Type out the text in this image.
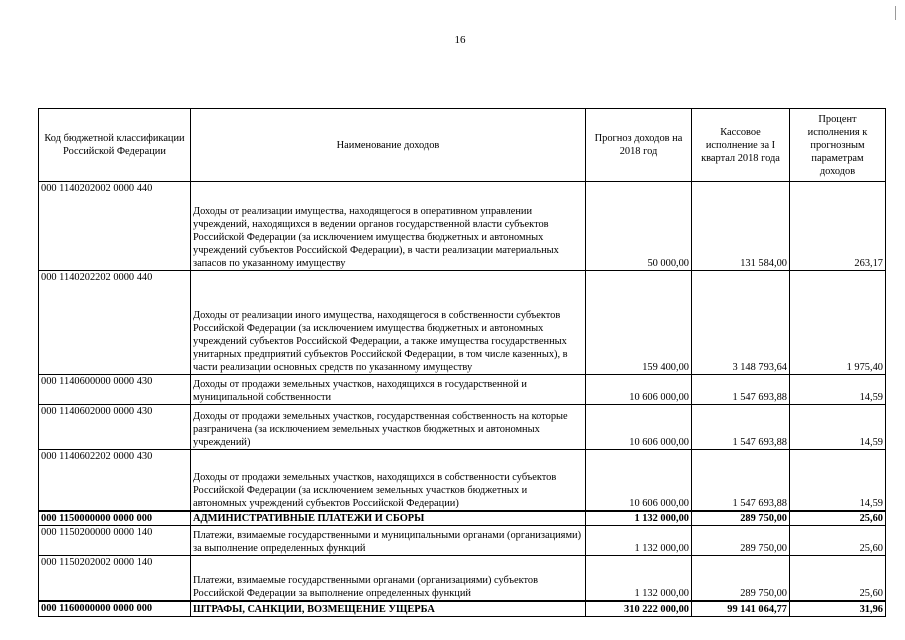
16
Код бюджетной классификации Российской Федерации	Наименование доходов	Прогноз доходов на 2018 год	Кассовое исполнение за I квартал 2018 года	Процент исполнения к прогнозным параметрам доходов
000 1140202002 0000 440	Доходы от реализации имущества, находящегося в оперативном управлении учреждений, находящихся в ведении органов государственной власти субъектов Российской Федерации (за исключением имущества бюджетных и автономных учреждений субъектов Российской Федерации), в части реализации материальных запасов по указанному имуществу	50 000,00	131 584,00	263,17
000 1140202202 0000 440	Доходы от реализации иного имущества, находящегося в собственности субъектов Российской Федерации (за исключением имущества бюджетных и автономных учреждений субъектов Российской Федерации, а также имущества государственных унитарных предприятий субъектов Российской Федерации, в том числе казенных), в части реализации основных средств по указанному имуществу	159 400,00	3 148 793,64	1 975,40
000 1140600000 0000 430	Доходы от продажи земельных участков, находящихся в государственной и муниципальной собственности	10 606 000,00	1 547 693,88	14,59
000 1140602000 0000 430	Доходы от продажи земельных участков, государственная собственность на которые разграничена (за исключением земельных участков бюджетных и автономных учреждений)	10 606 000,00	1 547 693,88	14,59
000 1140602202 0000 430	Доходы от продажи земельных участков, находящихся в собственности субъектов Российской Федерации (за исключением земельных участков бюджетных и автономных учреждений субъектов Российской Федерации)	10 606 000,00	1 547 693,88	14,59
000 1150000000 0000 000	АДМИНИСТРАТИВНЫЕ ПЛАТЕЖИ И СБОРЫ	1 132 000,00	289 750,00	25,60
000 1150200000 0000 140	Платежи, взимаемые государственными и муниципальными органами (организациями) за выполнение определенных функций	1 132 000,00	289 750,00	25,60
000 1150202002 0000 140	Платежи, взимаемые государственными органами (организациями) субъектов Российской Федерации за выполнение определенных функций	1 132 000,00	289 750,00	25,60
000 1160000000 0000 000	ШТРАФЫ, САНКЦИИ, ВОЗМЕЩЕНИЕ УЩЕРБА	310 222 000,00	99 141 064,77	31,96
